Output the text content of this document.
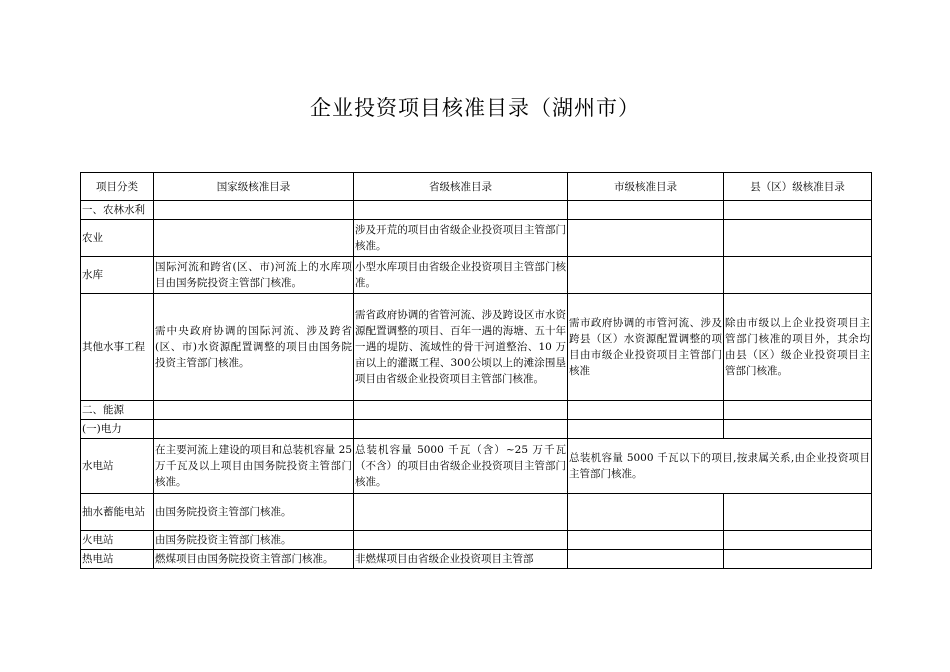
企业投资项目核准目录（湖州市）
项目分类	国家级核准目录	省级核准目录	市级核准目录	县（区）级核准目录
一、农林水利				
农业		涉及开荒的项目由省级企业投资项目主管部门核准。		
水库	国际河流和跨省(区、市)河流上的水库项目由国务院投资主管部门核准。	小型水库项目由省级企业投资项目主管部门核准。		
其他水事工程	需中央政府协调的国际河流、涉及跨省(区、市)水资源配置调整的项目由国务院投资主管部门核准。	需省政府协调的省管河流、涉及跨设区市水资源配置调整的项目、百年一遇的海塘、五十年一遇的堤防、流域性的骨干河道整治、10 万亩以上的灌溉工程、300公顷以上的滩涂围垦项目由省级企业投资项目主管部门核准。	需市政府协调的市管河流、涉及跨县（区）水资源配置调整的项目由市级企业投资项目主管部门核准	除由市级以上企业投资项目主管部门核准的项目外，其余均由县（区）级企业投资项目主管部门核准。
二、能源				
(一)电力				
水电站	在主要河流上建设的项目和总装机容量 25 万千瓦及以上项目由国务院投资主管部门核准。	总装机容量 5000 千瓦（含）~25 万千瓦（不含）的项目由省级企业投资项目主管部门核准。	总装机容量 5000 千瓦以下的项目,按隶属关系,由企业投资项目主管部门核准。	
抽水蓄能电站	由国务院投资主管部门核准。			
火电站	由国务院投资主管部门核准。			
热电站	燃煤项目由国务院投资主管部门核准。	非燃煤项目由省级企业投资项目主管部		
